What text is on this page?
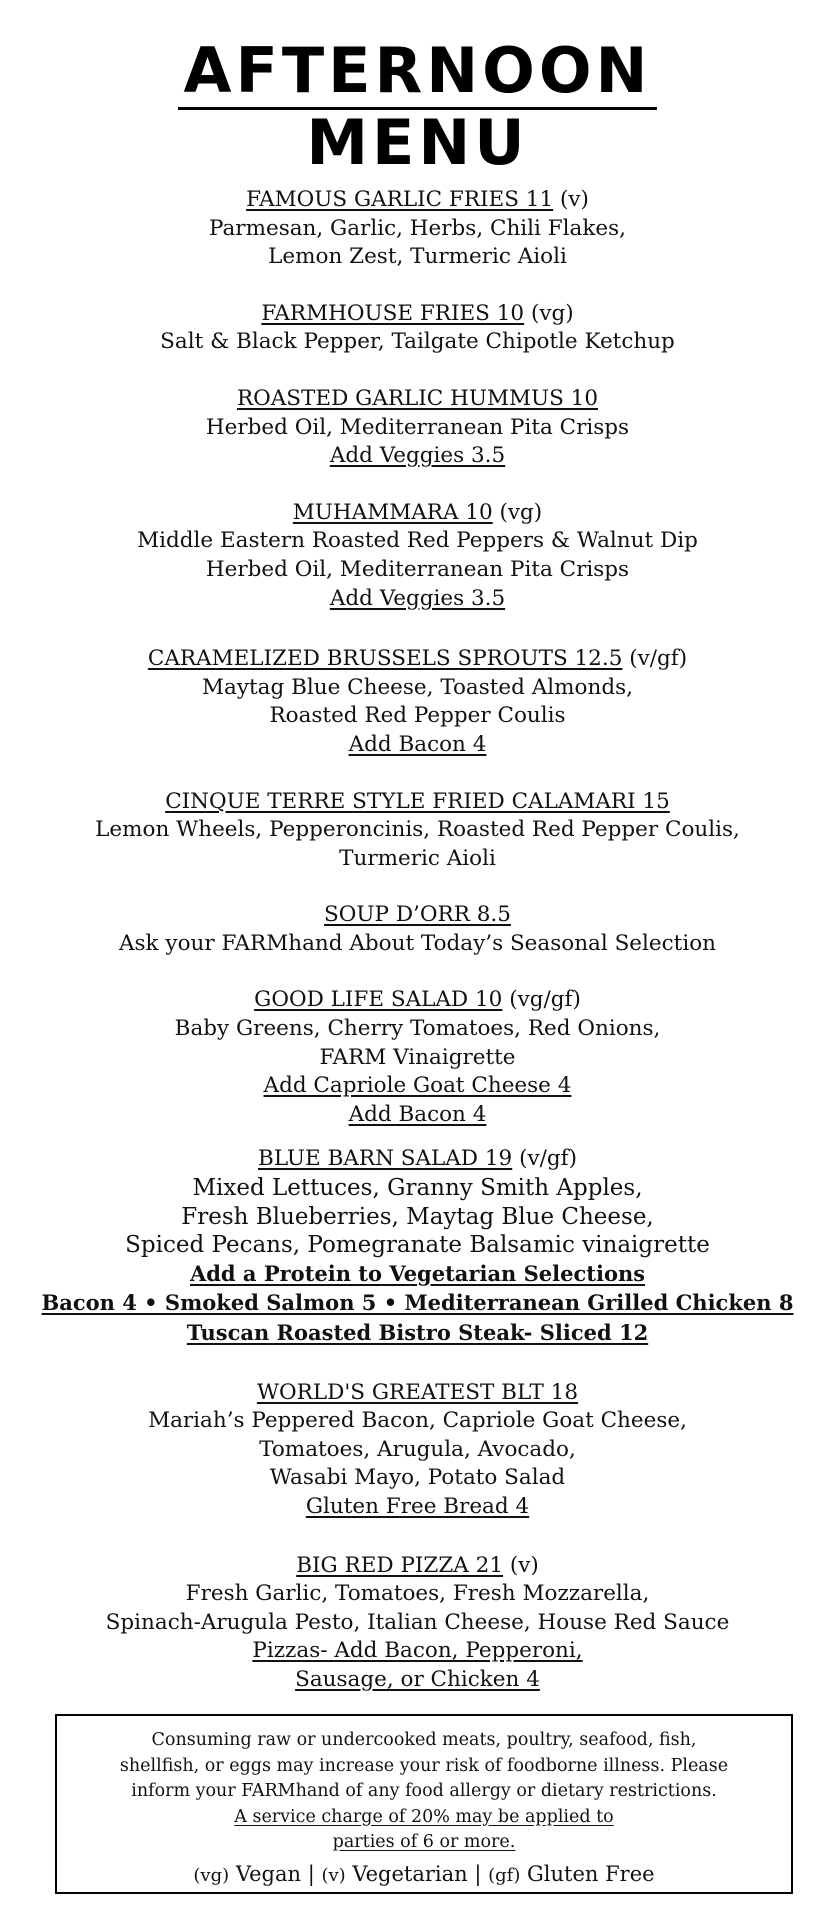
AFTERNOON
MENU
FAMOUS GARLIC FRIES 11 (v)
Parmesan, Garlic, Herbs, Chili Flakes,
Lemon Zest, Turmeric Aioli
FARMHOUSE FRIES 10 (vg)
Salt & Black Pepper, Tailgate Chipotle Ketchup
ROASTED GARLIC HUMMUS 10
Herbed Oil, Mediterranean Pita Crisps
Add Veggies 3.5
MUHAMMARA 10 (vg)
Middle Eastern Roasted Red Peppers & Walnut Dip
Herbed Oil, Mediterranean Pita Crisps
Add Veggies 3.5
CARAMELIZED BRUSSELS SPROUTS 12.5 (v/gf)
Maytag Blue Cheese, Toasted Almonds,
Roasted Red Pepper Coulis
Add Bacon 4
CINQUE TERRE STYLE FRIED CALAMARI 15
Lemon Wheels, Pepperoncinis, Roasted Red Pepper Coulis,
Turmeric Aioli
SOUP D’ORR 8.5
Ask your FARMhand About Today’s Seasonal Selection
GOOD LIFE SALAD 10 (vg/gf)
Baby Greens, Cherry Tomatoes, Red Onions,
FARM Vinaigrette
Add Capriole Goat Cheese 4
Add Bacon 4
BLUE BARN SALAD 19 (v/gf)
Mixed Lettuces, Granny Smith Apples,
Fresh Blueberries, Maytag Blue Cheese,
Spiced Pecans, Pomegranate Balsamic vinaigrette
Add a Protein to Vegetarian Selections
Bacon 4 • Smoked Salmon 5 • Mediterranean Grilled Chicken 8
Tuscan Roasted Bistro Steak- Sliced 12
WORLD'S GREATEST BLT 18
Mariah’s Peppered Bacon, Capriole Goat Cheese,
Tomatoes, Arugula, Avocado,
Wasabi Mayo, Potato Salad
Gluten Free Bread 4
BIG RED PIZZA 21 (v)
Fresh Garlic, Tomatoes, Fresh Mozzarella,
Spinach-Arugula Pesto, Italian Cheese, House Red Sauce
Pizzas- Add Bacon, Pepperoni,
Sausage, or Chicken 4
Consuming raw or undercooked meats, poultry, seafood, fish,
shellfish, or eggs may increase your risk of foodborne illness. Please
inform your FARMhand of any food allergy or dietary restrictions.
A service charge of 20% may be applied to
parties of 6 or more.
(vg) Vegan | (v) Vegetarian | (gf) Gluten Free
